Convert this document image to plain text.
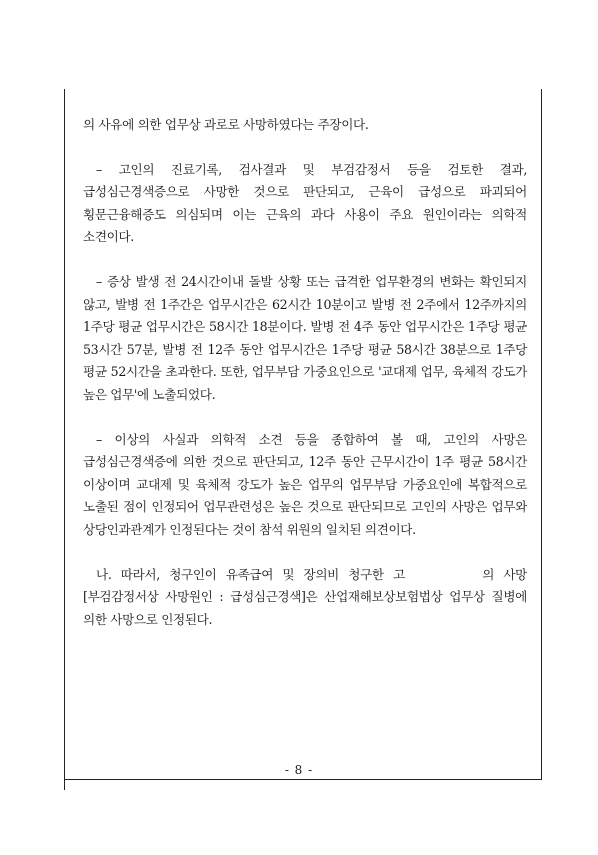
의 사유에 의한 업무상 과로로 사망하였다는 주장이다.

– 고인의 진료기록, 검사결과 및 부검감정서 등을 검토한 결과, 급성심근경색증으로 사망한 것으로 판단되고, 근육이 급성으로 파괴되어 횡문근융해증도 의심되며 이는 근육의 과다 사용이 주요 원인이라는 의학적 소견이다.

– 증상 발생 전 24시간이내 돌발 상황 또는 급격한 업무환경의 변화는 확인되지 않고, 발병 전 1주간은 업무시간은 62시간 10분이고 발병 전 2주에서 12주까지의 1주당 평균 업무시간은 58시간 18분이다. 발병 전 4주 동안 업무시간은 1주당 평균 53시간 57분, 발병 전 12주 동안 업무시간은 1주당 평균 58시간 38분으로 1주당 평균 52시간을 초과한다. 또한, 업무부담 가중요인으로 '교대제 업무, 육체적 강도가 높은 업무'에 노출되었다.

– 이상의 사실과 의학적 소견 등을 종합하여 볼 때, 고인의 사망은 급성심근경색증에 의한 것으로 판단되고, 12주 동안 근무시간이 1주 평균 58시간 이상이며 교대제 및 육체적 강도가 높은 업무의 업무부담 가중요인에 복합적으로 노출된 점이 인정되어 업무관련성은 높은 것으로 판단되므로 고인의 사망은 업무와 상당인과관계가 인정된다는 것이 참석 위원의 일치된 의견이다.

나. 따라서, 청구인이 유족급여 및 장의비 청구한 고　　　　의 사망[부검감정서상 사망원인 : 급성심근경색]은 산업재해보상보험법상 업무상 질병에 의한 사망으로 인정된다.

- 8 -
